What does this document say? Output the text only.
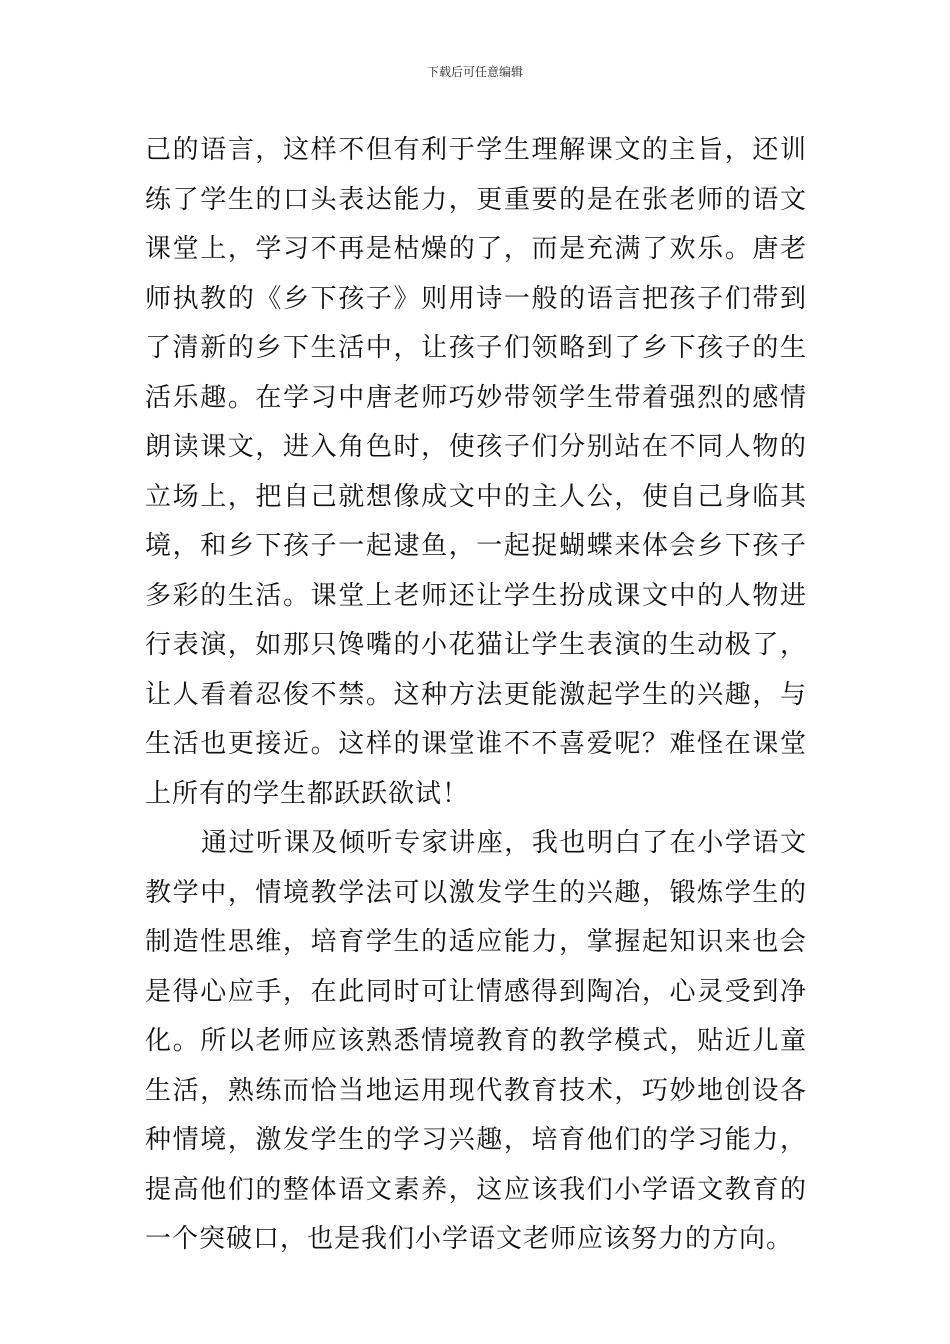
下载后可任意编辑

己的语言，这样不但有利于学生理解课文的主旨，还训练了学生的口头表达能力，更重要的是在张老师的语文课堂上，学习不再是枯燥的了，而是充满了欢乐。唐老师执教的《乡下孩子》则用诗一般的语言把孩子们带到了清新的乡下生活中，让孩子们领略到了乡下孩子的生活乐趣。在学习中唐老师巧妙带领学生带着强烈的感情朗读课文，进入角色时，使孩子们分别站在不同人物的立场上，把自己就想像成文中的主人公，使自己身临其境，和乡下孩子一起逮鱼，一起捉蝴蝶来体会乡下孩子多彩的生活。课堂上老师还让学生扮成课文中的人物进行表演，如那只馋嘴的小花猫让学生表演的生动极了，让人看着忍俊不禁。这种方法更能激起学生的兴趣，与生活也更接近。这样的课堂谁不不喜爱呢？难怪在课堂上所有的学生都跃跃欲试！

通过听课及倾听专家讲座，我也明白了在小学语文教学中，情境教学法可以激发学生的兴趣，锻炼学生的制造性思维，培育学生的适应能力，掌握起知识来也会是得心应手，在此同时可让情感得到陶冶，心灵受到净化。所以老师应该熟悉情境教育的教学模式，贴近儿童生活，熟练而恰当地运用现代教育技术，巧妙地创设各种情境，激发学生的学习兴趣，培育他们的学习能力，提高他们的整体语文素养，这应该我们小学语文教育的一个突破口，也是我们小学语文老师应该努力的方向。
